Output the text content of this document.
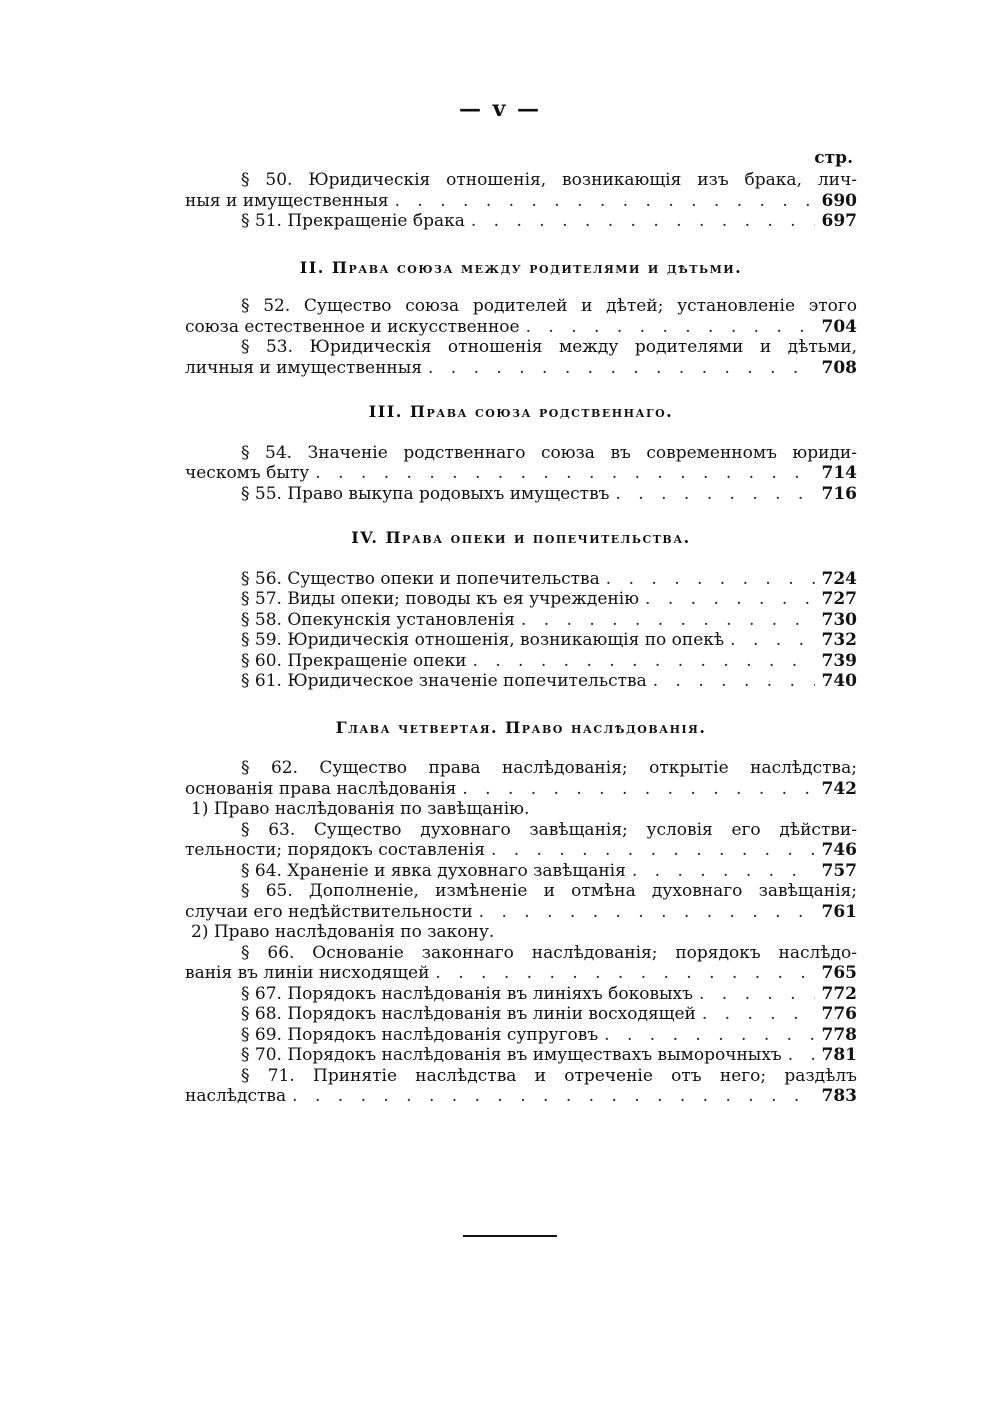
— v —
стр.
§ 50. Юридическія отношенія, возникающія изъ брака, лич-
ныя и имущественныя . . .	690
§ 51. Прекращеніе брака . . .	697
II. Права союза между родителями и дѣтьми.
§ 52. Существо союза родителей и дѣтей; установленіе этого
союза естественное и искусственное . . .	704
§ 53. Юридическія отношенія между родителями и дѣтьми,
личныя и имущественныя . . .	708
III. Права союза родственнаго.
§ 54. Значеніе родственнаго союза въ современномъ юриди-
ческомъ быту . . .	714
§ 55. Право выкупа родовыхъ имуществъ . . .	716
IV. Права опеки и попечительства.
§ 56. Существо опеки и попечительства . . .	724
§ 57. Виды опеки; поводы къ ея учрежденію . . .	727
§ 58. Опекунскія установленія . . .	730
§ 59. Юридическія отношенія, возникающія по опекѣ . . .	732
§ 60. Прекращеніе опеки . . .	739
§ 61. Юридическое значеніе попечительства . . .	740
Глава четвертая. Право наслѣдованія.
§ 62. Существо права наслѣдованія; открытіе наслѣдства;
основанія права наслѣдованія . . .	742
1) Право наслѣдованія по завѣщанію.
§ 63. Существо духовнаго завѣщанія; условія его дѣйстви-
тельности; порядокъ составленія . . .	746
§ 64. Храненіе и явка духовнаго завѣщанія . . .	757
§ 65. Дополненіе, измѣненіе и отмѣна духовнаго завѣщанія;
случаи его недѣйствительности . . .	761
2) Право наслѣдованія по закону.
§ 66. Основаніе законнаго наслѣдованія; порядокъ наслѣдо-
ванія въ линіи нисходящей . . .	765
§ 67. Порядокъ наслѣдованія въ линіяхъ боковыхъ . . .	772
§ 68. Порядокъ наслѣдованія въ линіи восходящей . . .	776
§ 69. Порядокъ наслѣдованія супруговъ . . .	778
§ 70. Порядокъ наслѣдованія въ имуществахъ выморочныхъ . . . 781
§ 71. Принятіе наслѣдства и отреченіе отъ него; раздѣлъ
наслѣдства . . .	783
